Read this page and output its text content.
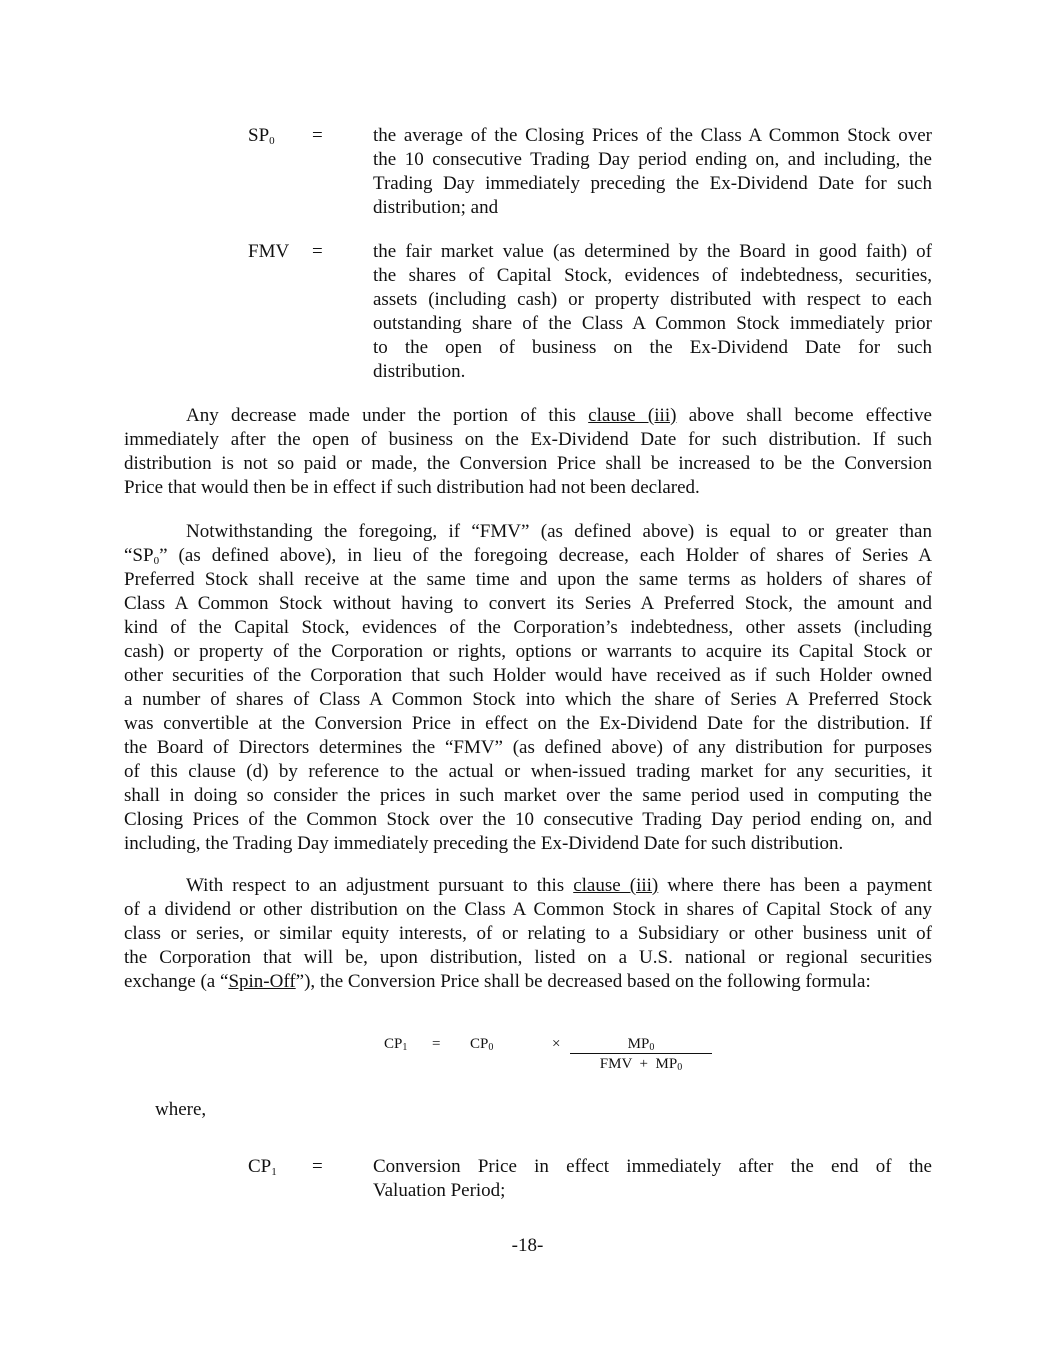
$SP_0$ =	the average of the Closing Prices of the Class A Common Stock over
the 10 consecutive Trading Day period ending on, and including, the
Trading Day immediately preceding the Ex-Dividend Date for such
distribution; and
FMV =	the fair market value (as determined by the Board in good faith) of
the shares of Capital Stock, evidences of indebtedness, securities,
assets (including cash) or property distributed with respect to each
outstanding share of the Class A Common Stock immediately prior
to the open of business on the Ex-Dividend Date for such
distribution.
Any decrease made under the portion of this clause (iii) above shall become effective
immediately after the open of business on the Ex-Dividend Date for such distribution. If such
distribution is not so paid or made, the Conversion Price shall be increased to be the Conversion
Price that would then be in effect if such distribution had not been declared.
Notwithstanding the foregoing, if “FMV” (as defined above) is equal to or greater than
“$SP_0$” (as defined above), in lieu of the foregoing decrease, each Holder of shares of Series A
Preferred Stock shall receive at the same time and upon the same terms as holders of shares of
Class A Common Stock without having to convert its Series A Preferred Stock, the amount and
kind of the Capital Stock, evidences of the Corporation’s indebtedness, other assets (including
cash) or property of the Corporation or rights, options or warrants to acquire its Capital Stock or
other securities of the Corporation that such Holder would have received as if such Holder owned
a number of shares of Class A Common Stock into which the share of Series A Preferred Stock
was convertible at the Conversion Price in effect on the Ex-Dividend Date for the distribution. If
the Board of Directors determines the “FMV” (as defined above) of any distribution for purposes
of this clause (d) by reference to the actual or when-issued trading market for any securities, it
shall in doing so consider the prices in such market over the same period used in computing the
Closing Prices of the Common Stock over the 10 consecutive Trading Day period ending on, and
including, the Trading Day immediately preceding the Ex-Dividend Date for such distribution.
With respect to an adjustment pursuant to this clause (iii) where there has been a payment
of a dividend or other distribution on the Class A Common Stock in shares of Capital Stock of any
class or series, or similar equity interests, of or relating to a Subsidiary or other business unit of
the Corporation that will be, upon distribution, listed on a U.S. national or regional securities
exchange (a “Spin-Off”), the Conversion Price shall be decreased based on the following formula:
$CP_1 = CP_0$	×	$MP_0$
FMV  +  $MP_0$
where,
$CP_1$ =	Conversion Price in effect immediately after the end of the
Valuation Period;
-18-
